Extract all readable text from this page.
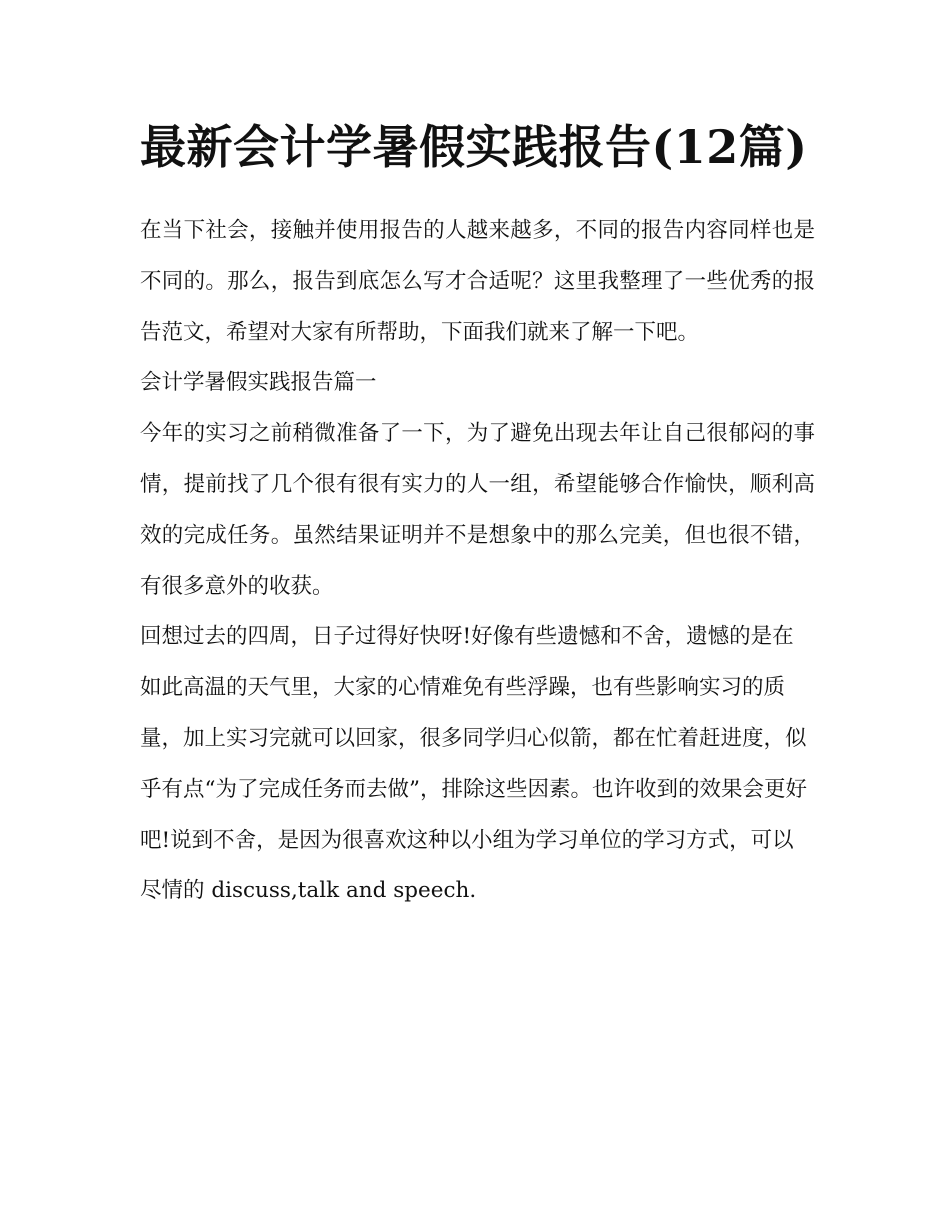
最新会计学暑假实践报告(12篇)

在当下社会，接触并使用报告的人越来越多，不同的报告内容同样也是不同的。那么，报告到底怎么写才合适呢？这里我整理了一些优秀的报告范文，希望对大家有所帮助，下面我们就来了解一下吧。

会计学暑假实践报告篇一

今年的实习之前稍微准备了一下，为了避免出现去年让自己很郁闷的事情，提前找了几个很有很有实力的人一组，希望能够合作愉快，顺利高效的完成任务。虽然结果证明并不是想象中的那么完美，但也很不错，有很多意外的收获。

回想过去的四周，日子过得好快呀!好像有些遗憾和不舍，遗憾的是在如此高温的天气里，大家的心情难免有些浮躁，也有些影响实习的质量，加上实习完就可以回家，很多同学归心似箭，都在忙着赶进度，似乎有点“为了完成任务而去做”，排除这些因素。也许收到的效果会更好吧!说到不舍，是因为很喜欢这种以小组为学习单位的学习方式，可以尽情的 discuss,talk and speech.
